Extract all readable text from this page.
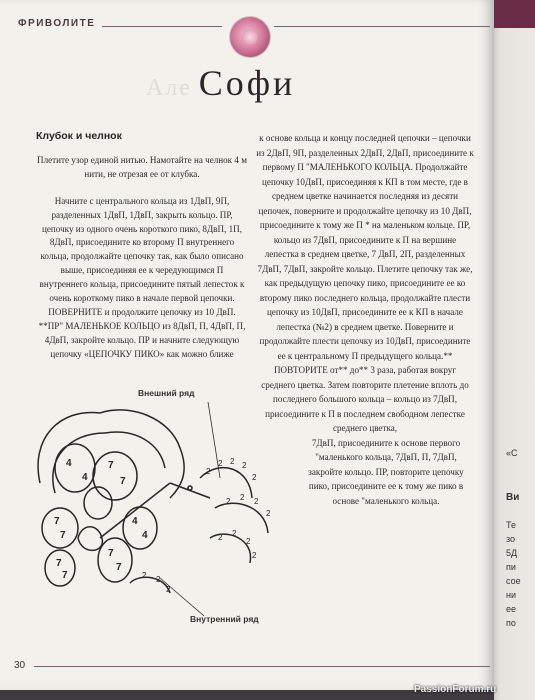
ФРИВОЛИТЕ
Але Софи
Клубок и челнок

Плетите узор единой нитью. Намотайте на челнок 4 м нити, не отрезая ее от клубка.

Начните с центрального кольца из 1ДвП, 9П, разделенных 1ДвП, 1ДвП, закрыть кольцо. ПР, цепочку из одного очень короткого пико, 8ДвП, 1П, 8ДвП, присоедините ко второму П внутреннего кольца, продолжайте цепочку так, как было описано выше, присоединяя ее к чередующимся П внутреннего кольца, присоедините пятый лепесток к очень короткому пико в начале первой цепочки. ПОВЕРНИТЕ и продолжите цепочку из 10 ДвП. **ПР" МАЛЕНЬКОЕ КОЛЬЦО из 8ДвП, П, 4ДвП, П, 4ДвП, закройте кольцо. ПР и начните следующую цепочку «ЦЕПОЧКУ ПИКО» как можно ближе

к основе кольца и концу последней цепочки – цепочки из 2ДвП, 9П, разделенных 2ДвП, 2ДвП, присоедините к первому П "МАЛЕНЬКОГО КОЛЬЦА. Продолжайте цепочку 10ДвП, присоединяя к КП в том месте, где в среднем цветке начинается последняя из десяти цепочек, поверните и продолжайте цепочку из 10 ДвП, присоедините к тому же П * на маленьком кольце. ПР, кольцо из 7ДвП, присоедините к П на вершине лепестка в среднем цветке, 7 ДвП, 2П, разделенных 7ДвП, 7ДвП, закройте кольцо. Плетите цепочку так же, как предыдущую цепочку пико, присоедините ее ко второму пико последнего кольца, продолжайте плести цепочку из 10ДвП, присоедините ее к КП в начале лепестка (№2) в среднем цветке. Поверните и продолжайте плести цепочку из 10ДвП, присоедините ее к центральному П предыдущего кольца.** ПОВТОРИТЕ от** до** 3 раза, работая вокруг среднего цветка. Затем повторите плетение вплоть до последнего большого кольца – кольцо из 7ДвП, присоедините к П в последнем свободном лепестке среднего цветка,

7ДвП, присоедините к основе первого "маленького кольца, 7ДвП, П, 7ДвП, закройте кольцо. ПР, повторите цепочку пико, присоедините ее к тому же пико в основе "маленького кольца.

4
4
7
7
7
7
4
4
7
7
7
7
2
2 2 2
2
2 2 2
2
2 2
2
2
2 2
2
Внешний ряд
Внутренний ряд
30
«С
Ви
Те
зо
5Д
пи
сое
ни
ее
по
PassionForum.ru
